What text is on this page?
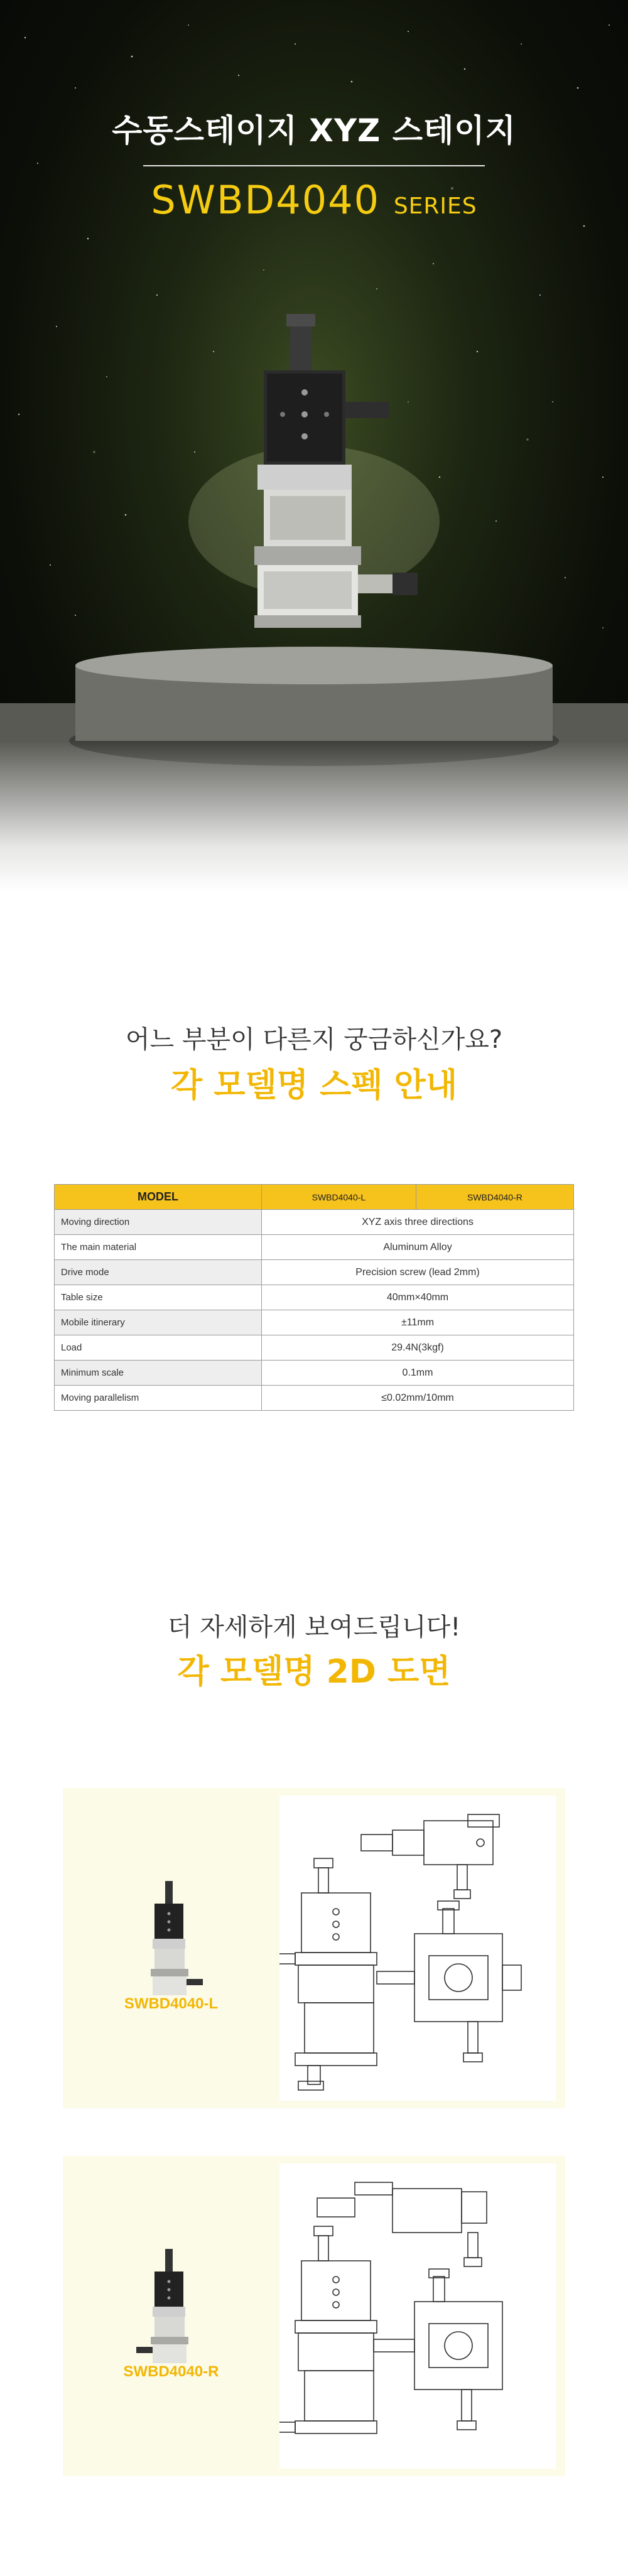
수동스테이지 XYZ 스테이지
SWBD4040 SERIES
어느 부분이 다른지 궁금하신가요?
각 모델명 스펙 안내
MODEL	SWBD4040-L	SWBD4040-R
Moving direction	XYZ axis three directions	
The main material	Aluminum Alloy	
Drive mode	Precision screw (lead 2mm)	
Table size	40mm×40mm	
Mobile itinerary	±11mm	
Load	29.4N(3kgf)	
Minimum scale	0.1mm	
Moving parallelism	≤0.02mm/10mm	
더 자세하게 보여드립니다!
각 모델명 2D 도면
SWBD4040-L
SWBD4040-R
